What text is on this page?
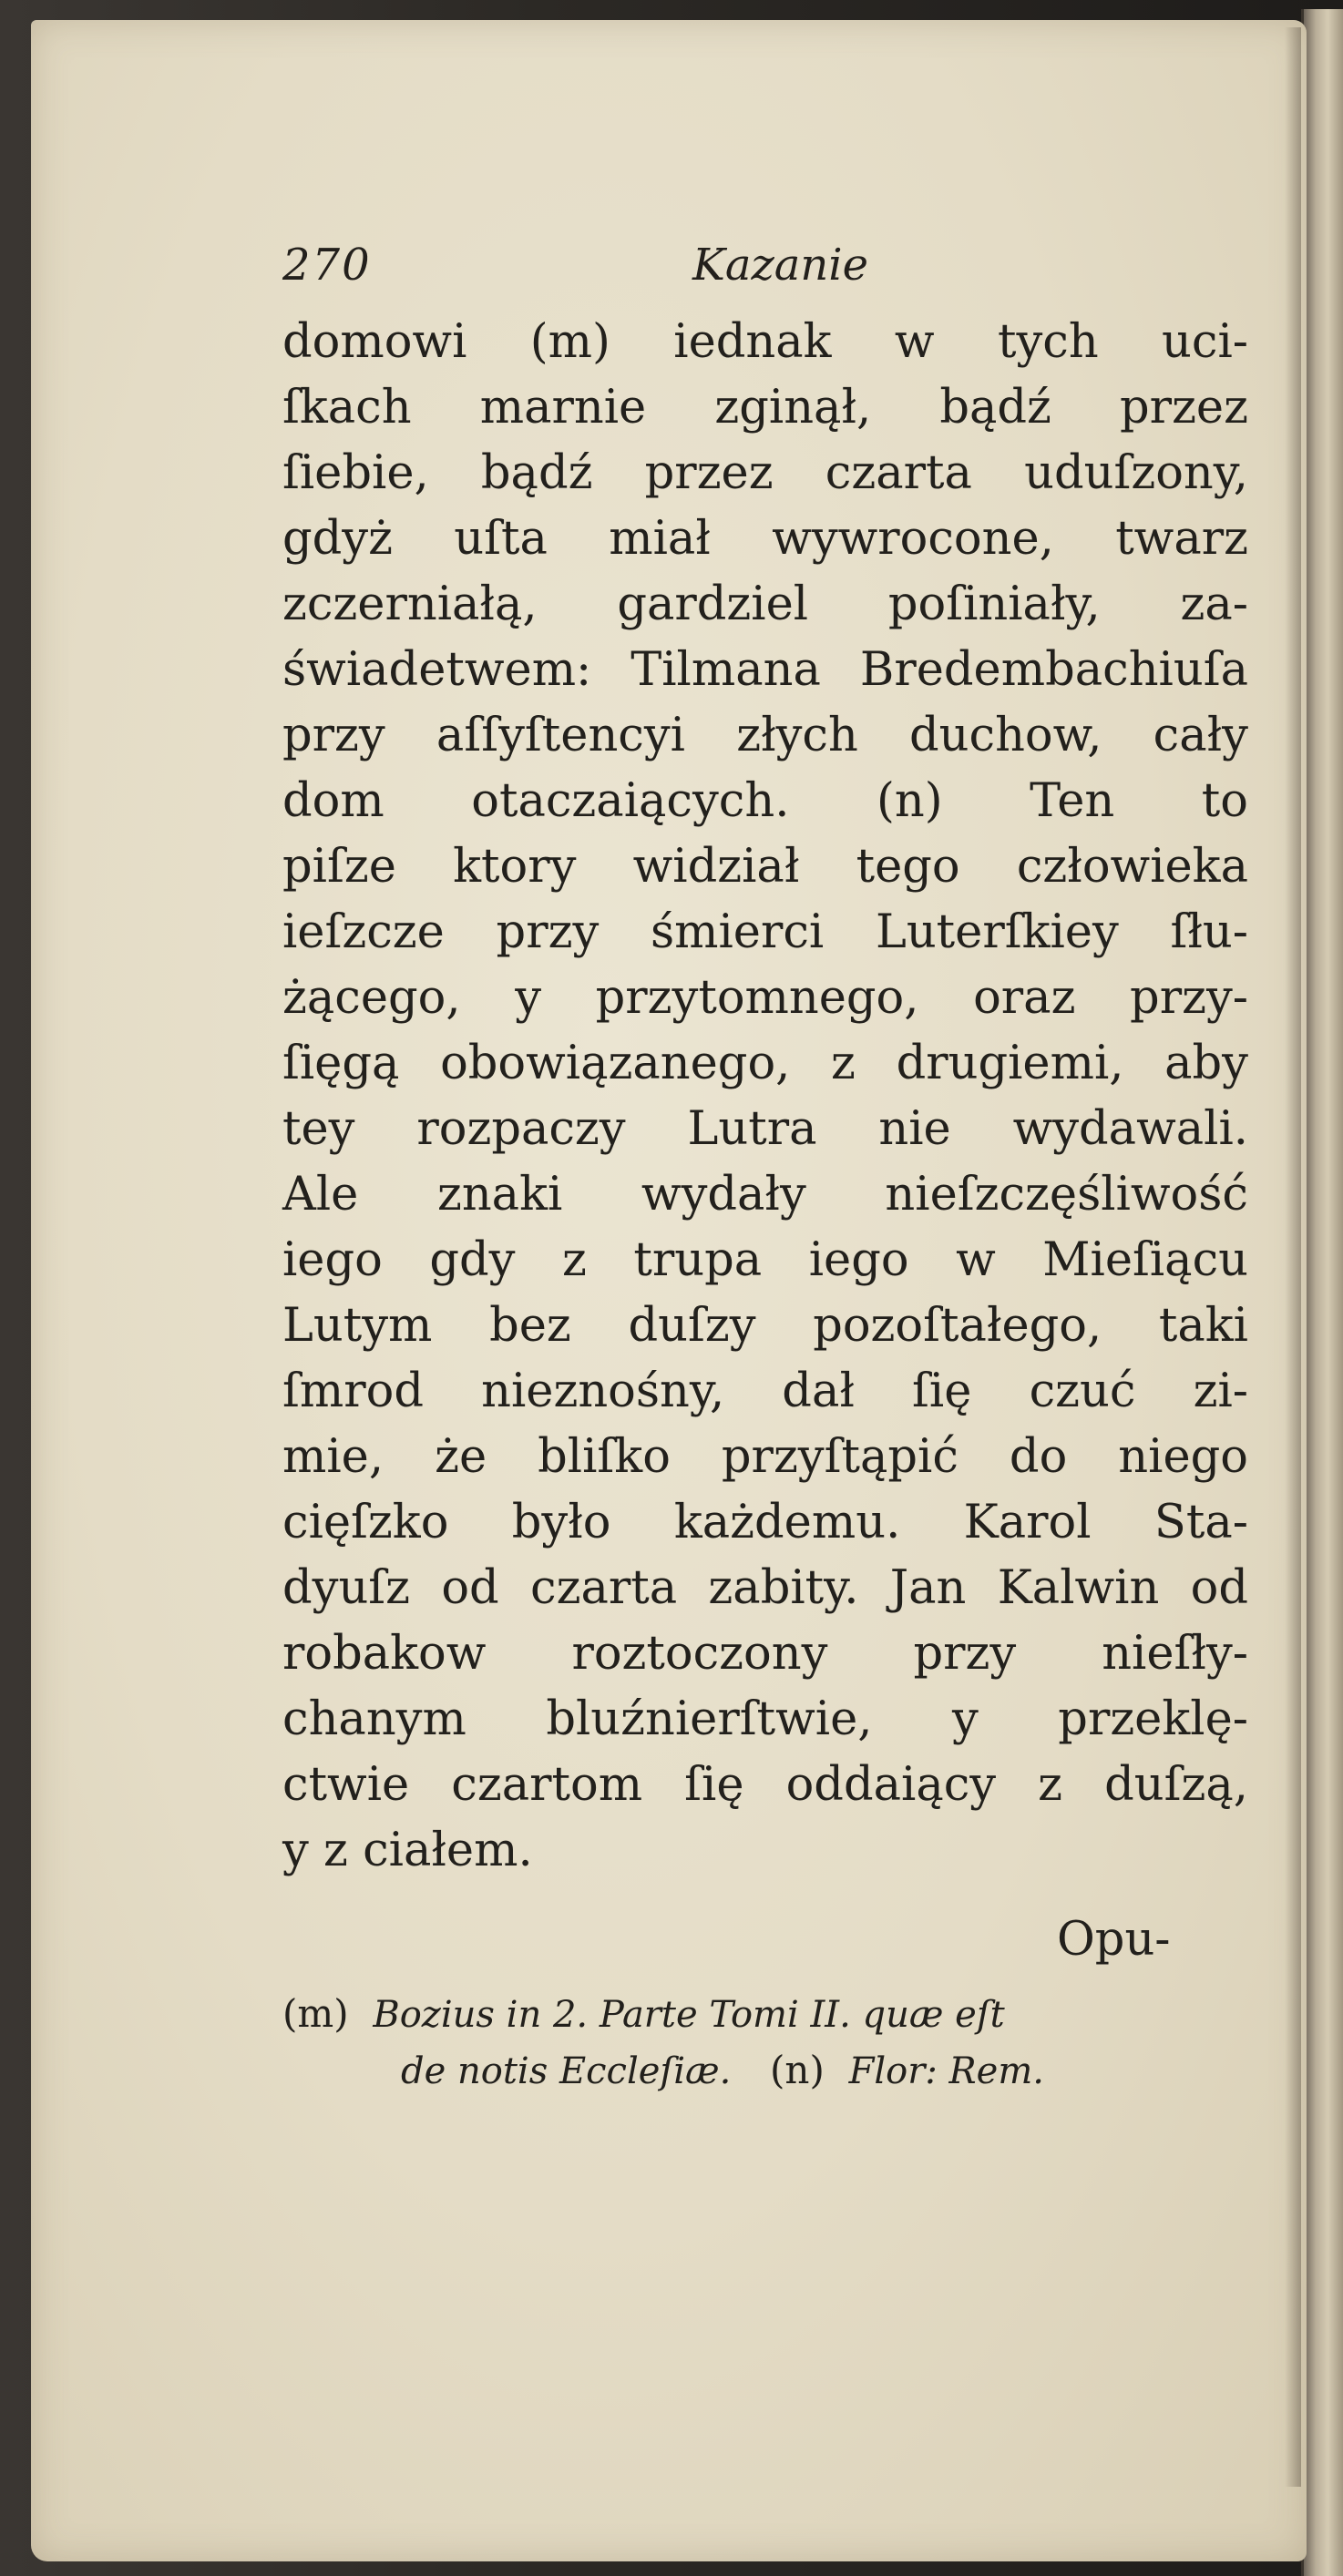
270	Kazanie
domowi (m) iednak w tych uci-
ſkach marnie zginął, bądź przez
ſiebie, bądź przez czarta uduſzony,
gdyż uſta miał wywrocone, twarz
zczerniałą, gardziel poſiniały, za-
świadetwem: Tilmana Bredembachiuſa
przy aſſyſtencyi złych duchow, cały
dom otaczaiących. (n) Ten to
piſze ktory widział tego człowieka
ieſzcze przy śmierci Luterſkiey ſłu-
żącego, y przytomnego, oraz przy-
ſięgą obowiązanego, z drugiemi, aby
tey rozpaczy Lutra nie wydawali.
Ale znaki wydały nieſzczęśliwość
iego gdy z trupa iego w Mieſiącu
Lutym bez duſzy pozoſtałego, taki
ſmrod nieznośny, dał ſię czuć zi-
mie, że bliſko przyſtąpić do niego
cięſzko było każdemu. Karol Sta-
dyuſz od czarta zabity. Jan Kalwin od
robakow roztoczony przy nieſły-
chanym bluźnierſtwie, y przeklę-
ctwie czartom ſię oddaiący z duſzą,
y z ciałem.
Opu-
(m) Bozius in 2. Parte Tomi II. quæ eſt
de notis Eccleſiæ. (n) Flor: Rem.
